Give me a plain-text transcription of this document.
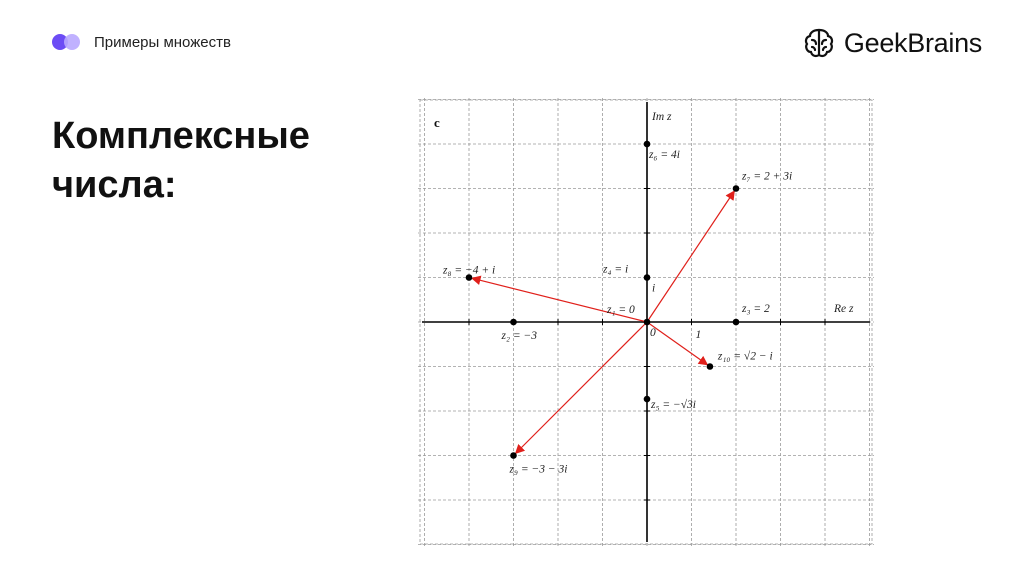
Примеры множеств	GeekBrains
Комплексные числа:
c
Re z
Im z
1
i
0
z₁ = 0
z₂ = −3
z₃ = 2
z₄ = i
z₅ = −√3i
z₆ = 4i
z₇ = 2 + 3i
z₈ = −4 + i
z₉ = −3 − 3i
z₁₀ = √2 − i
